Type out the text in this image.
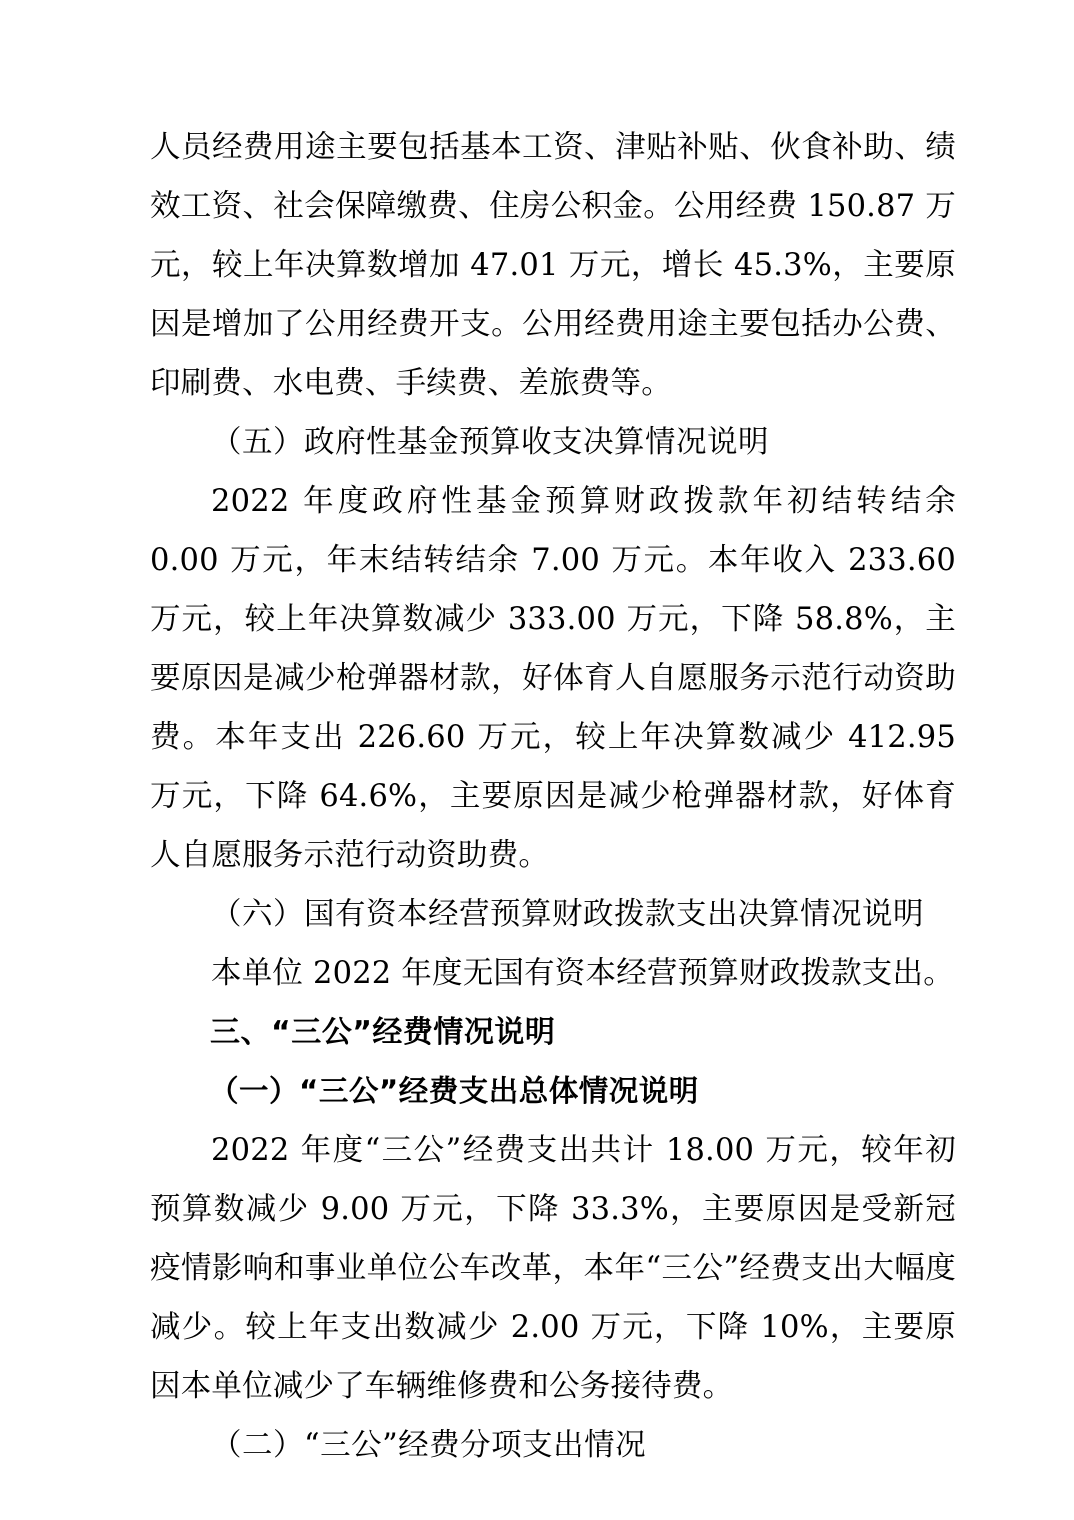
人员经费用途主要包括基本工资、津贴补贴、伙食补助、绩效工资、社会保障缴费、住房公积金。公用经费 150.87 万元，较上年决算数增加 47.01 万元，增长 45.3%，主要原因是增加了公用经费开支。公用经费用途主要包括办公费、印刷费、水电费、手续费、差旅费等。

（五）政府性基金预算收支决算情况说明

2022 年度政府性基金预算财政拨款年初结转结余 0.00 万元，年末结转结余 7.00 万元。本年收入 233.60 万元，较上年决算数减少 333.00 万元，下降 58.8%，主要原因是减少枪弹器材款，好体育人自愿服务示范行动资助费。本年支出 226.60 万元，较上年决算数减少 412.95 万元，下降 64.6%，主要原因是减少枪弹器材款，好体育人自愿服务示范行动资助费。

（六）国有资本经营预算财政拨款支出决算情况说明

本单位 2022 年度无国有资本经营预算财政拨款支出。

三、“三公”经费情况说明

（一）“三公”经费支出总体情况说明

2022 年度“三公”经费支出共计 18.00 万元，较年初预算数减少 9.00 万元，下降 33.3%，主要原因是受新冠疫情影响和事业单位公车改革，本年“三公”经费支出大幅度减少。较上年支出数减少 2.00 万元，下降 10%，主要原因本单位减少了车辆维修费和公务接待费。

（二）“三公”经费分项支出情况
